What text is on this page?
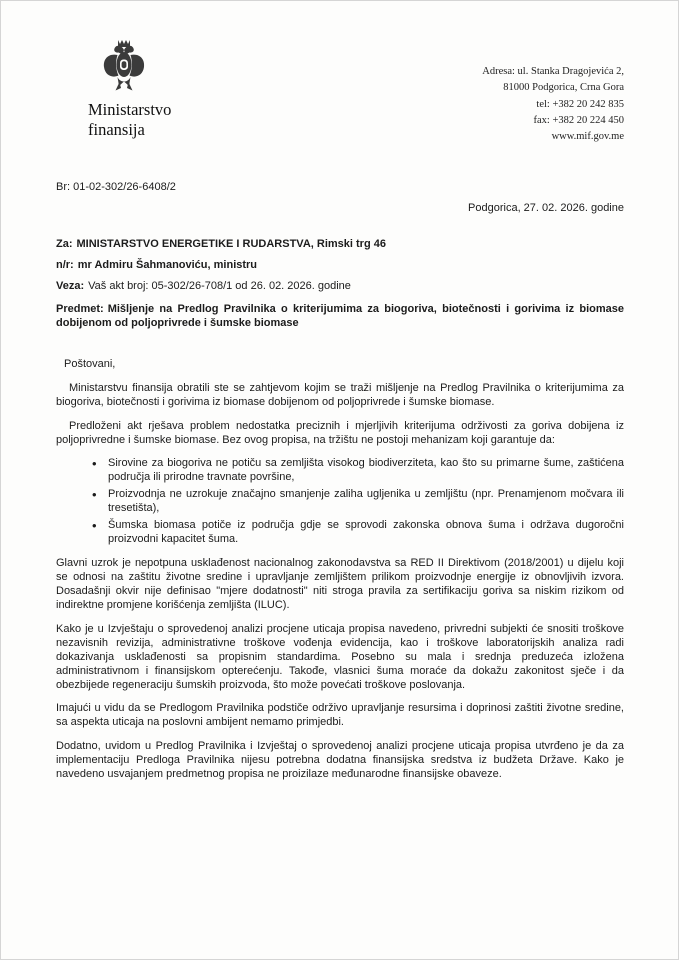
Ministarstvo
finansija
Adresa: ul. Stanka Dragojevića 2,
81000 Podgorica, Crna Gora
tel: +382 20 242 835
fax: +382 20 224 450
www.mif.gov.me
Br: 01-02-302/26-6408/2
Podgorica, 27. 02. 2026. godine
Za: MINISTARSTVO ENERGETIKE I RUDARSTVA, Rimski trg 46
n/r: mr Admiru Šahmanoviću, ministru
Veza: Vaš akt broj: 05-302/26-708/1 od 26. 02. 2026. godine

Predmet: Mišljenje na Predlog Pravilnika o kriterijumima za biogoriva, biotečnosti i gorivima iz biomase dobijenom od poljoprivrede i šumske biomase

Poštovani,

Ministarstvu finansija obratili ste se zahtjevom kojim se traži mišljenje na Predlog Pravilnika o kriterijumima za biogoriva, biotečnosti i gorivima iz biomase dobijenom od poljoprivrede i šumske biomase.

Predloženi akt rješava problem nedostatka preciznih i mjerljivih kriterijuma održivosti za goriva dobijena iz poljoprivredne i šumske biomase. Bez ovog propisa, na tržištu ne postoji mehanizam koji garantuje da:

• Sirovine za biogoriva ne potiču sa zemljišta visokog biodiverziteta, kao što su primarne šume, zaštićena područja ili prirodne travnate površine,
• Proizvodnja ne uzrokuje značajno smanjenje zaliha ugljenika u zemljištu (npr. Prenamjenom močvara ili tresetišta),
• Šumska biomasa potiče iz područja gdje se sprovodi zakonska obnova šuma i održava dugoročni proizvodni kapacitet šuma.

Glavni uzrok je nepotpuna usklađenost nacionalnog zakonodavstva sa RED II Direktivom (2018/2001) u dijelu koji se odnosi na zaštitu životne sredine i upravljanje zemljištem prilikom proizvodnje energije iz obnovljivih izvora. Dosadašnji okvir nije definisao "mjere dodatnosti" niti stroga pravila za sertifikaciju goriva sa niskim rizikom od indirektne promjene korišćenja zemljišta (ILUC).

Kako je u Izvještaju o sprovedenoj analizi procjene uticaja propisa navedeno, privredni subjekti će snositi troškove nezavisnih revizija, administrativne troškove vođenja evidencija, kao i troškove laboratorijskih analiza radi dokazivanja usklađenosti sa propisnim standardima. Posebno su mala i srednja preduzeća izložena administrativnom i finansijskom opterećenju. Takođe, vlasnici šuma moraće da dokažu zakonitost sječe i da obezbijede regeneraciju šumskih proizvoda, što može povećati troškove poslovanja.

Imajući u vidu da se Predlogom Pravilnika podstiče održivo upravljanje resursima i doprinosi zaštiti životne sredine, sa aspekta uticaja na poslovni ambijent nemamo primjedbi.

Dodatno, uvidom u Predlog Pravilnika i Izvještaj o sprovedenoj analizi procjene uticaja propisa utvrđeno je da za implementaciju Predloga Pravilnika nijesu potrebna dodatna finansijska sredstva iz budžeta Države. Kako je navedeno usvajanjem predmetnog propisa ne proizilaze međunarodne finansijske obaveze.
